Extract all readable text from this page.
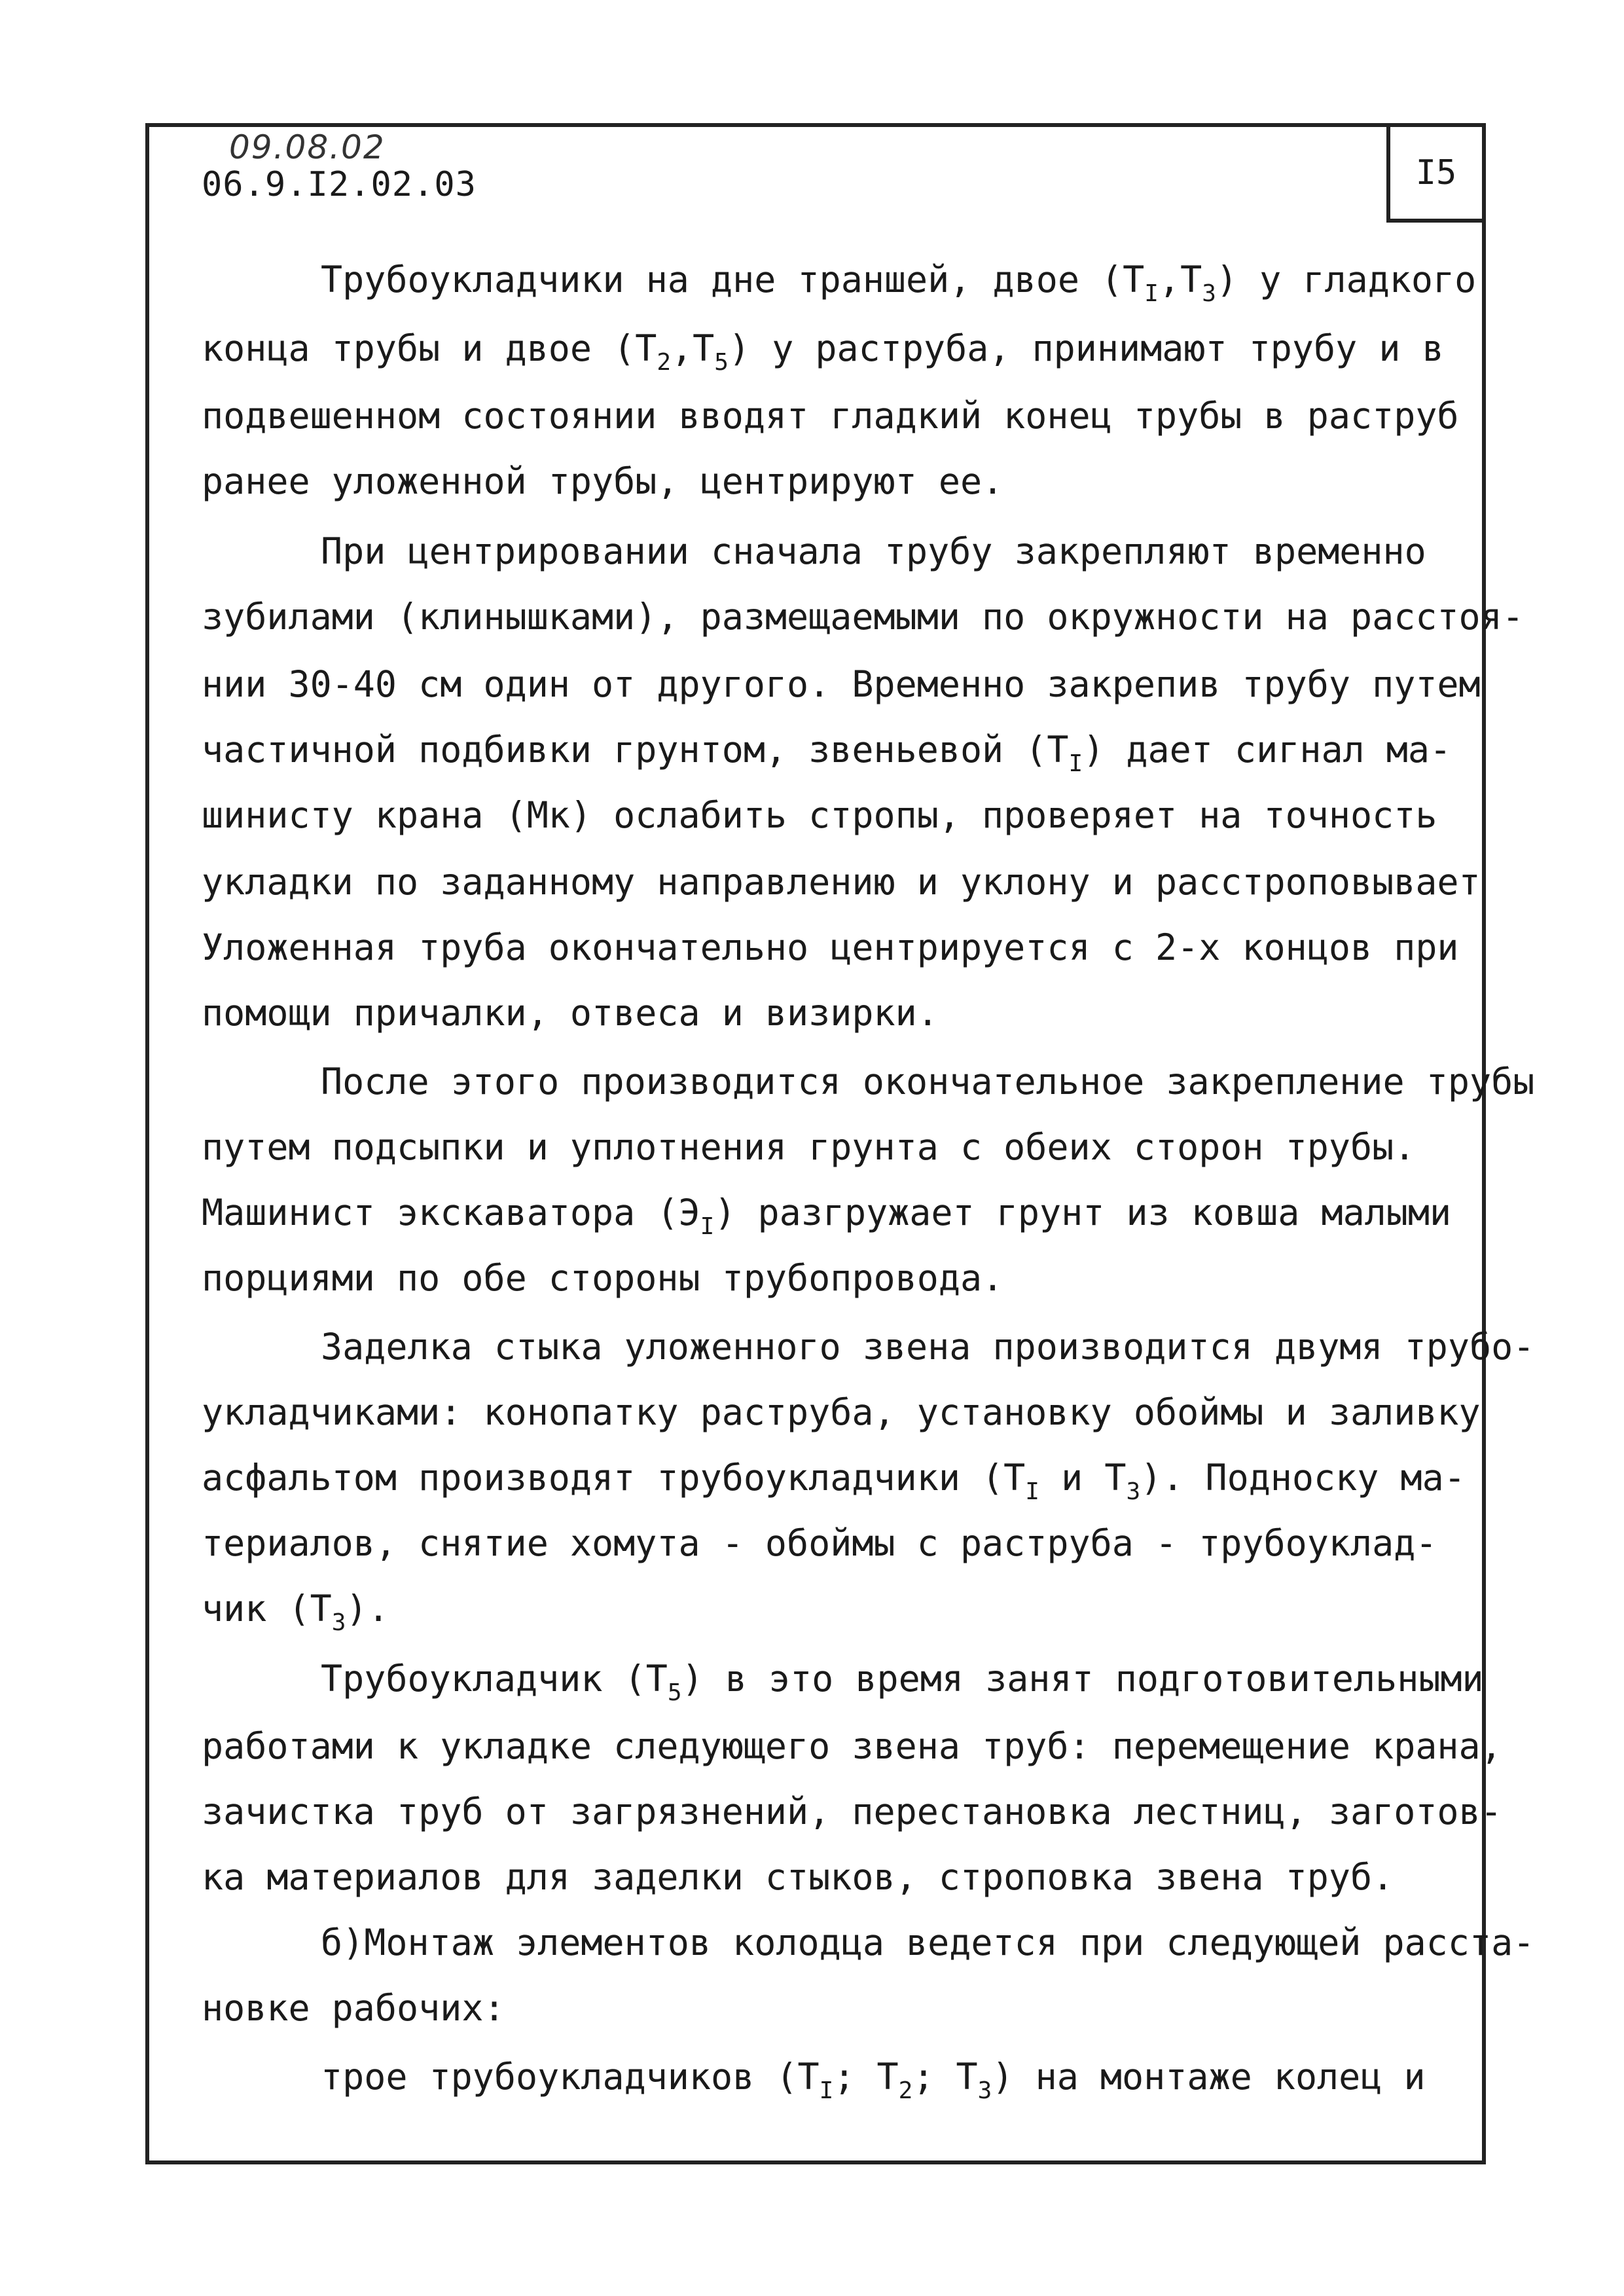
I5
09.08.02
06.9.I2.02.03
Трубоукладчики на дне траншей, двое $(Т_I,Т_3)$ у гладкого
конца трубы и двое $(Т_2,Т_5)$ у раструба, принимают трубу и в
подвешенном состоянии вводят гладкий конец трубы в раструб
ранее уложенной трубы, центрируют ее.
При центрировании сначала трубу закрепляют временно
зубилами (клинышками), размещаемыми по окружности на расстоя-
нии 30-40 см один от другого. Временно закрепив трубу путем
частичной подбивки грунтом, звеньевой $(Т_I)$ дает сигнал ма-
шинисту крана (Мк) ослабить стропы, проверяет на точность
укладки по заданному направлению и уклону и расстроповывает
Уложенная труба окончательно центрируется с 2-х концов при
помощи причалки, отвеса и визирки.
После этого производится окончательное закрепление трубы
путем подсыпки и уплотнения грунта с обеих сторон трубы.
Машинист экскаватора $(Э_I)$ разгружает грунт из ковша малыми
порциями по обе стороны трубопровода.
Заделка стыка уложенного звена производится двумя трубо-
укладчиками: конопатку раструба, установку обоймы и заливку
асфальтом производят трубоукладчики ($Т_I$ и $Т_3$). Подноску ма-
териалов, снятие хомута - обоймы с раструба - трубоуклад-
чик $(Т_3)$.
Трубоукладчик $(Т_5)$ в это время занят подготовительными
работами к укладке следующего звена труб: перемещение крана,
зачистка труб от загрязнений, перестановка лестниц, заготов-
ка материалов для заделки стыков, строповка звена труб.
б)Монтаж элементов колодца ведется при следующей расста-
новке рабочих:
трое трубоукладчиков ($Т_I$; $Т_2$; $Т_3$) на монтаже колец и
